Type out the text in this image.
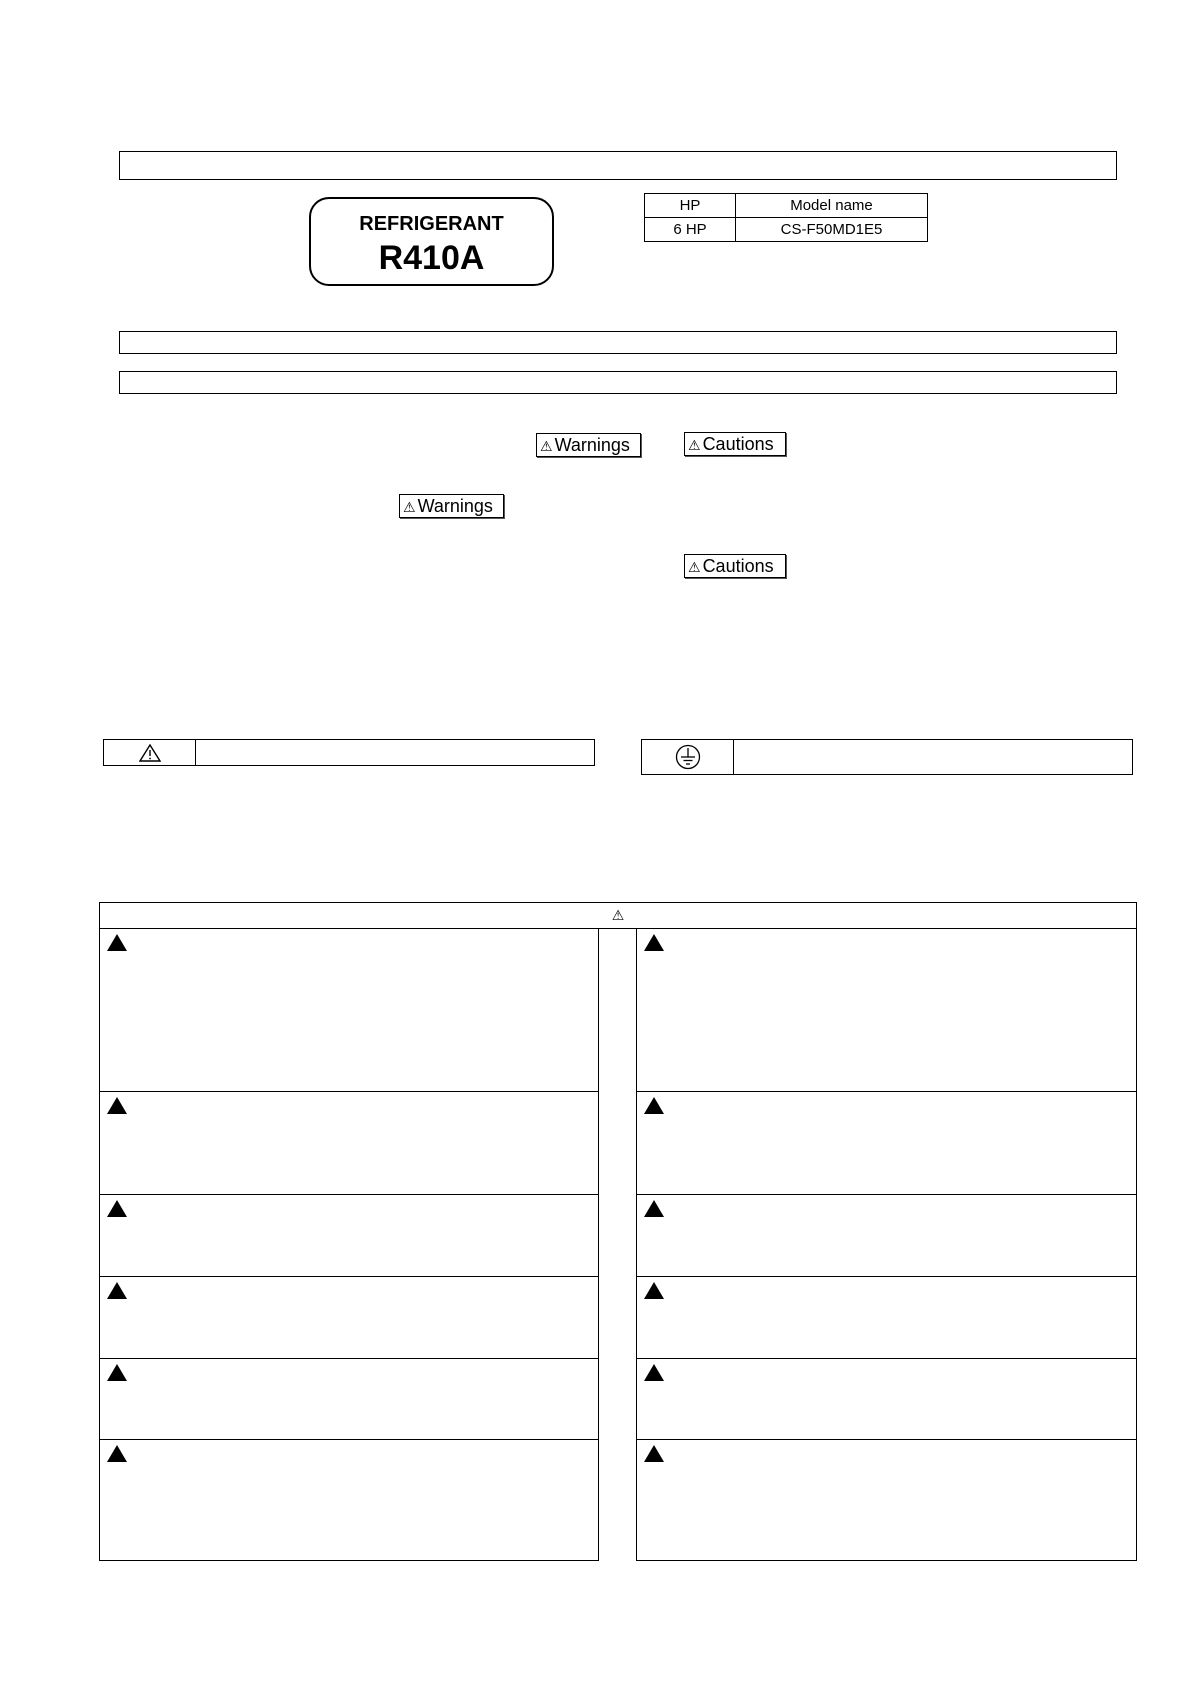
REFRIGERANT
R410A
HP	Model name
6 HP	CS-F50MD1E5
⚠ Warnings	⚠ Cautions
⚠ Warnings
⚠ Cautions
⚠
